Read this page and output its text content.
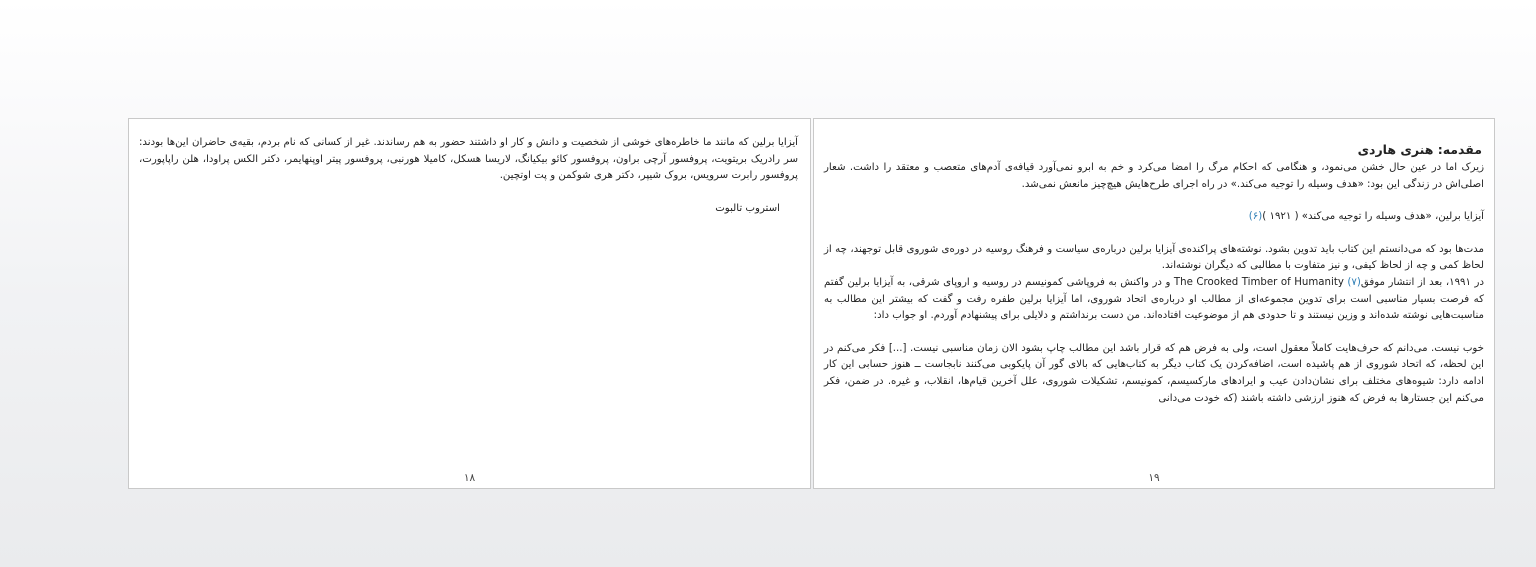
آیزایا برلین که مانند ما خاطره‌های خوشی از شخصیت و دانش و کار او داشتند حضور به هم رساندند. غیر از کسانی که نام بردم، بقیه‌ی حاضران این‌ها بودند: سر رادریک بریتویت، پروفسور آرچی براون، پروفسور کائو بیکیانگ، لاریسا هسکل، کامیلا هورنبی، پروفسور پیتر اوپنهایمر، دکتر الکس پراودا، هلن راپاپورت، پروفسور رابرت سرویس، بروک شیپر، دکتر هری شوکمن و پت اوتچین.

استروب تالبوت

۱۸

مقدمه: هنری هاردی

زیرک اما در عین حال خشن می‌نمود، و هنگامی که احکام مرگ را امضا می‌کرد و خم به ابرو نمی‌آورد قیافه‌ی آدم‌های متعصب و معتقد را داشت. شعار اصلی‌اش در زندگی این بود: «هدف وسیله را توجیه می‌کند.» در راه اجرای طرح‌هایش هیچ‌چیز مانعش نمی‌شد.

آیزایا برلین، «هدف وسیله را توجیه می‌کند» ( ۱۹۲۱ )(۶)

مدت‌ها بود که می‌دانستم این کتاب باید تدوین بشود. نوشته‌های پراکنده‌ی آیزایا برلین درباره‌ی سیاست و فرهنگ روسیه در دوره‌ی شوروی قابل توجهند، چه از لحاظ کمی و چه از لحاظ کیفی، و نیز متفاوت با مطالبی که دیگران نوشته‌اند.

در ۱۹۹۱، بعد از انتشار موفق(۷) The Crooked Timber of Humanity و در واکنش به فروپاشی کمونیسم در روسیه و اروپای شرقی، به آیزایا برلین گفتم که فرصت بسیار مناسبی است برای تدوین مجموعه‌ای از مطالب او درباره‌ی اتحاد شوروی، اما آیزایا برلین طفره رفت و گفت که بیشتر این مطالب به مناسبت‌هایی نوشته شده‌اند و وزین نیستند و تا حدودی هم از موضوعیت افتاده‌اند. من دست برنداشتم و دلایلی برای پیشنهادم آوردم. او جواب داد:

خوب نیست. می‌دانم که حرف‌هایت کاملاً معقول است، ولی به فرض هم که قرار باشد این مطالب چاپ بشود الان زمان مناسبی نیست. [...] فکر می‌کنم در این لحظه، که اتحاد شوروی از هم پاشیده است، اضافه‌کردن یک کتاب دیگر به کتاب‌هایی که بالای گور آن پایکوبی می‌کنند نابجاست ــ هنوز حسابی این کار ادامه دارد: شیوه‌های مختلف برای نشان‌دادن عیب و ایرادهای مارکسیسم، کمونیسم، تشکیلات شوروی، علل آخرین قیام‌ها، انقلاب، و غیره. در ضمن، فکر می‌کنم این جستارها به فرض که هنوز ارزشی داشته باشند (که خودت می‌دانی

۱۹
